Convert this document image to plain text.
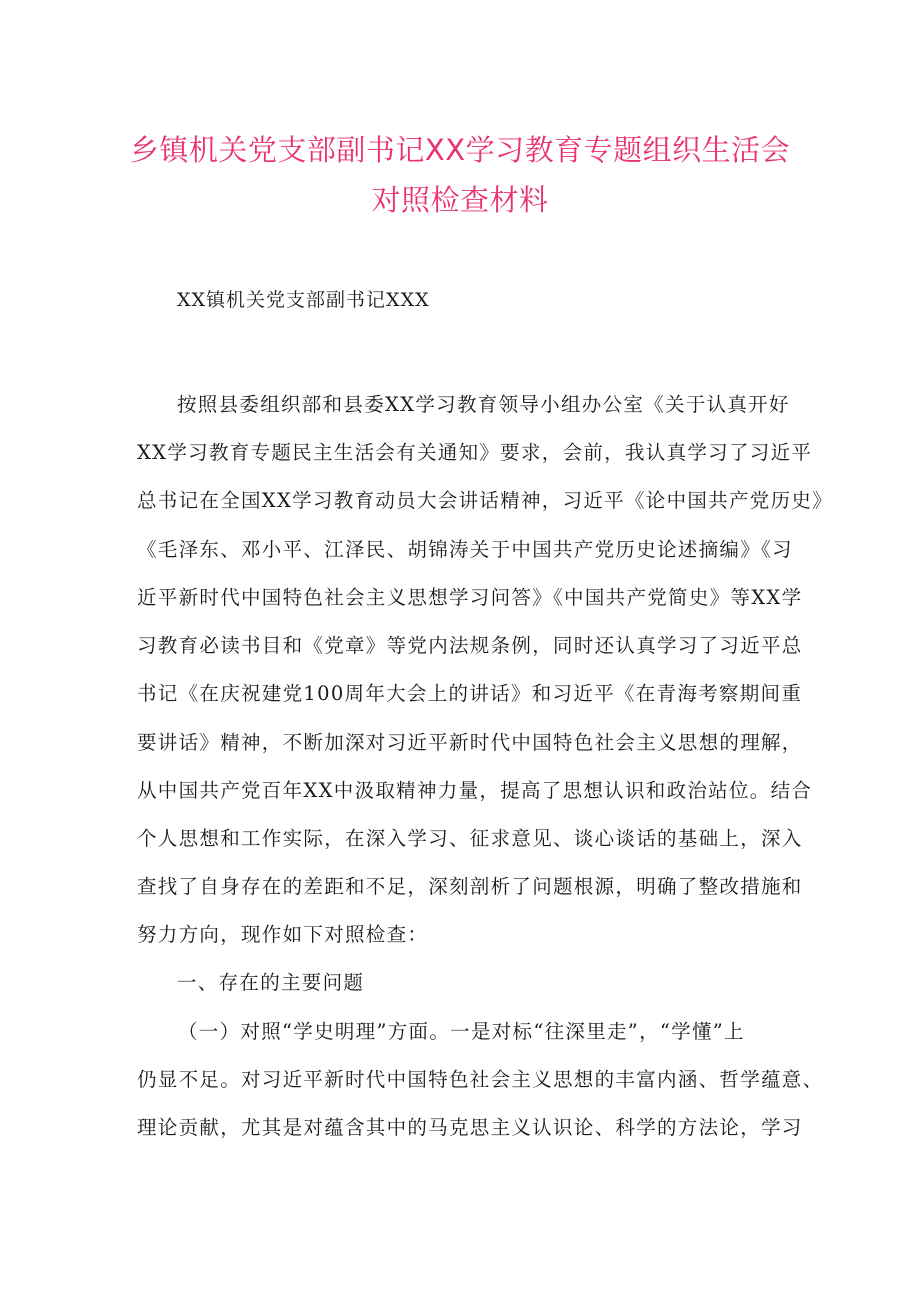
乡镇机关党支部副书记XX学习教育专题组织生活会
对照检查材料
XX镇机关党支部副书记XXX
按照县委组织部和县委XX学习教育领导小组办公室《关于认真开好
XX学习教育专题民主生活会有关通知》要求，会前，我认真学习了习近平
总书记在全国XX学习教育动员大会讲话精神，习近平《论中国共产党历史》
《毛泽东、邓小平、江泽民、胡锦涛关于中国共产党历史论述摘编》《习
近平新时代中国特色社会主义思想学习问答》《中国共产党简史》等XX学
习教育必读书目和《党章》等党内法规条例，同时还认真学习了习近平总
书记《在庆祝建党100周年大会上的讲话》和习近平《在青海考察期间重
要讲话》精神，不断加深对习近平新时代中国特色社会主义思想的理解，
从中国共产党百年XX中汲取精神力量，提高了思想认识和政治站位。结合
个人思想和工作实际，在深入学习、征求意见、谈心谈话的基础上，深入
查找了自身存在的差距和不足，深刻剖析了问题根源，明确了整改措施和
努力方向，现作如下对照检查：
一、存在的主要问题
（一）对照“学史明理”方面。一是对标“往深里走”，“学懂”上
仍显不足。对习近平新时代中国特色社会主义思想的丰富内涵、哲学蕴意、
理论贡献，尤其是对蕴含其中的马克思主义认识论、科学的方法论，学习
